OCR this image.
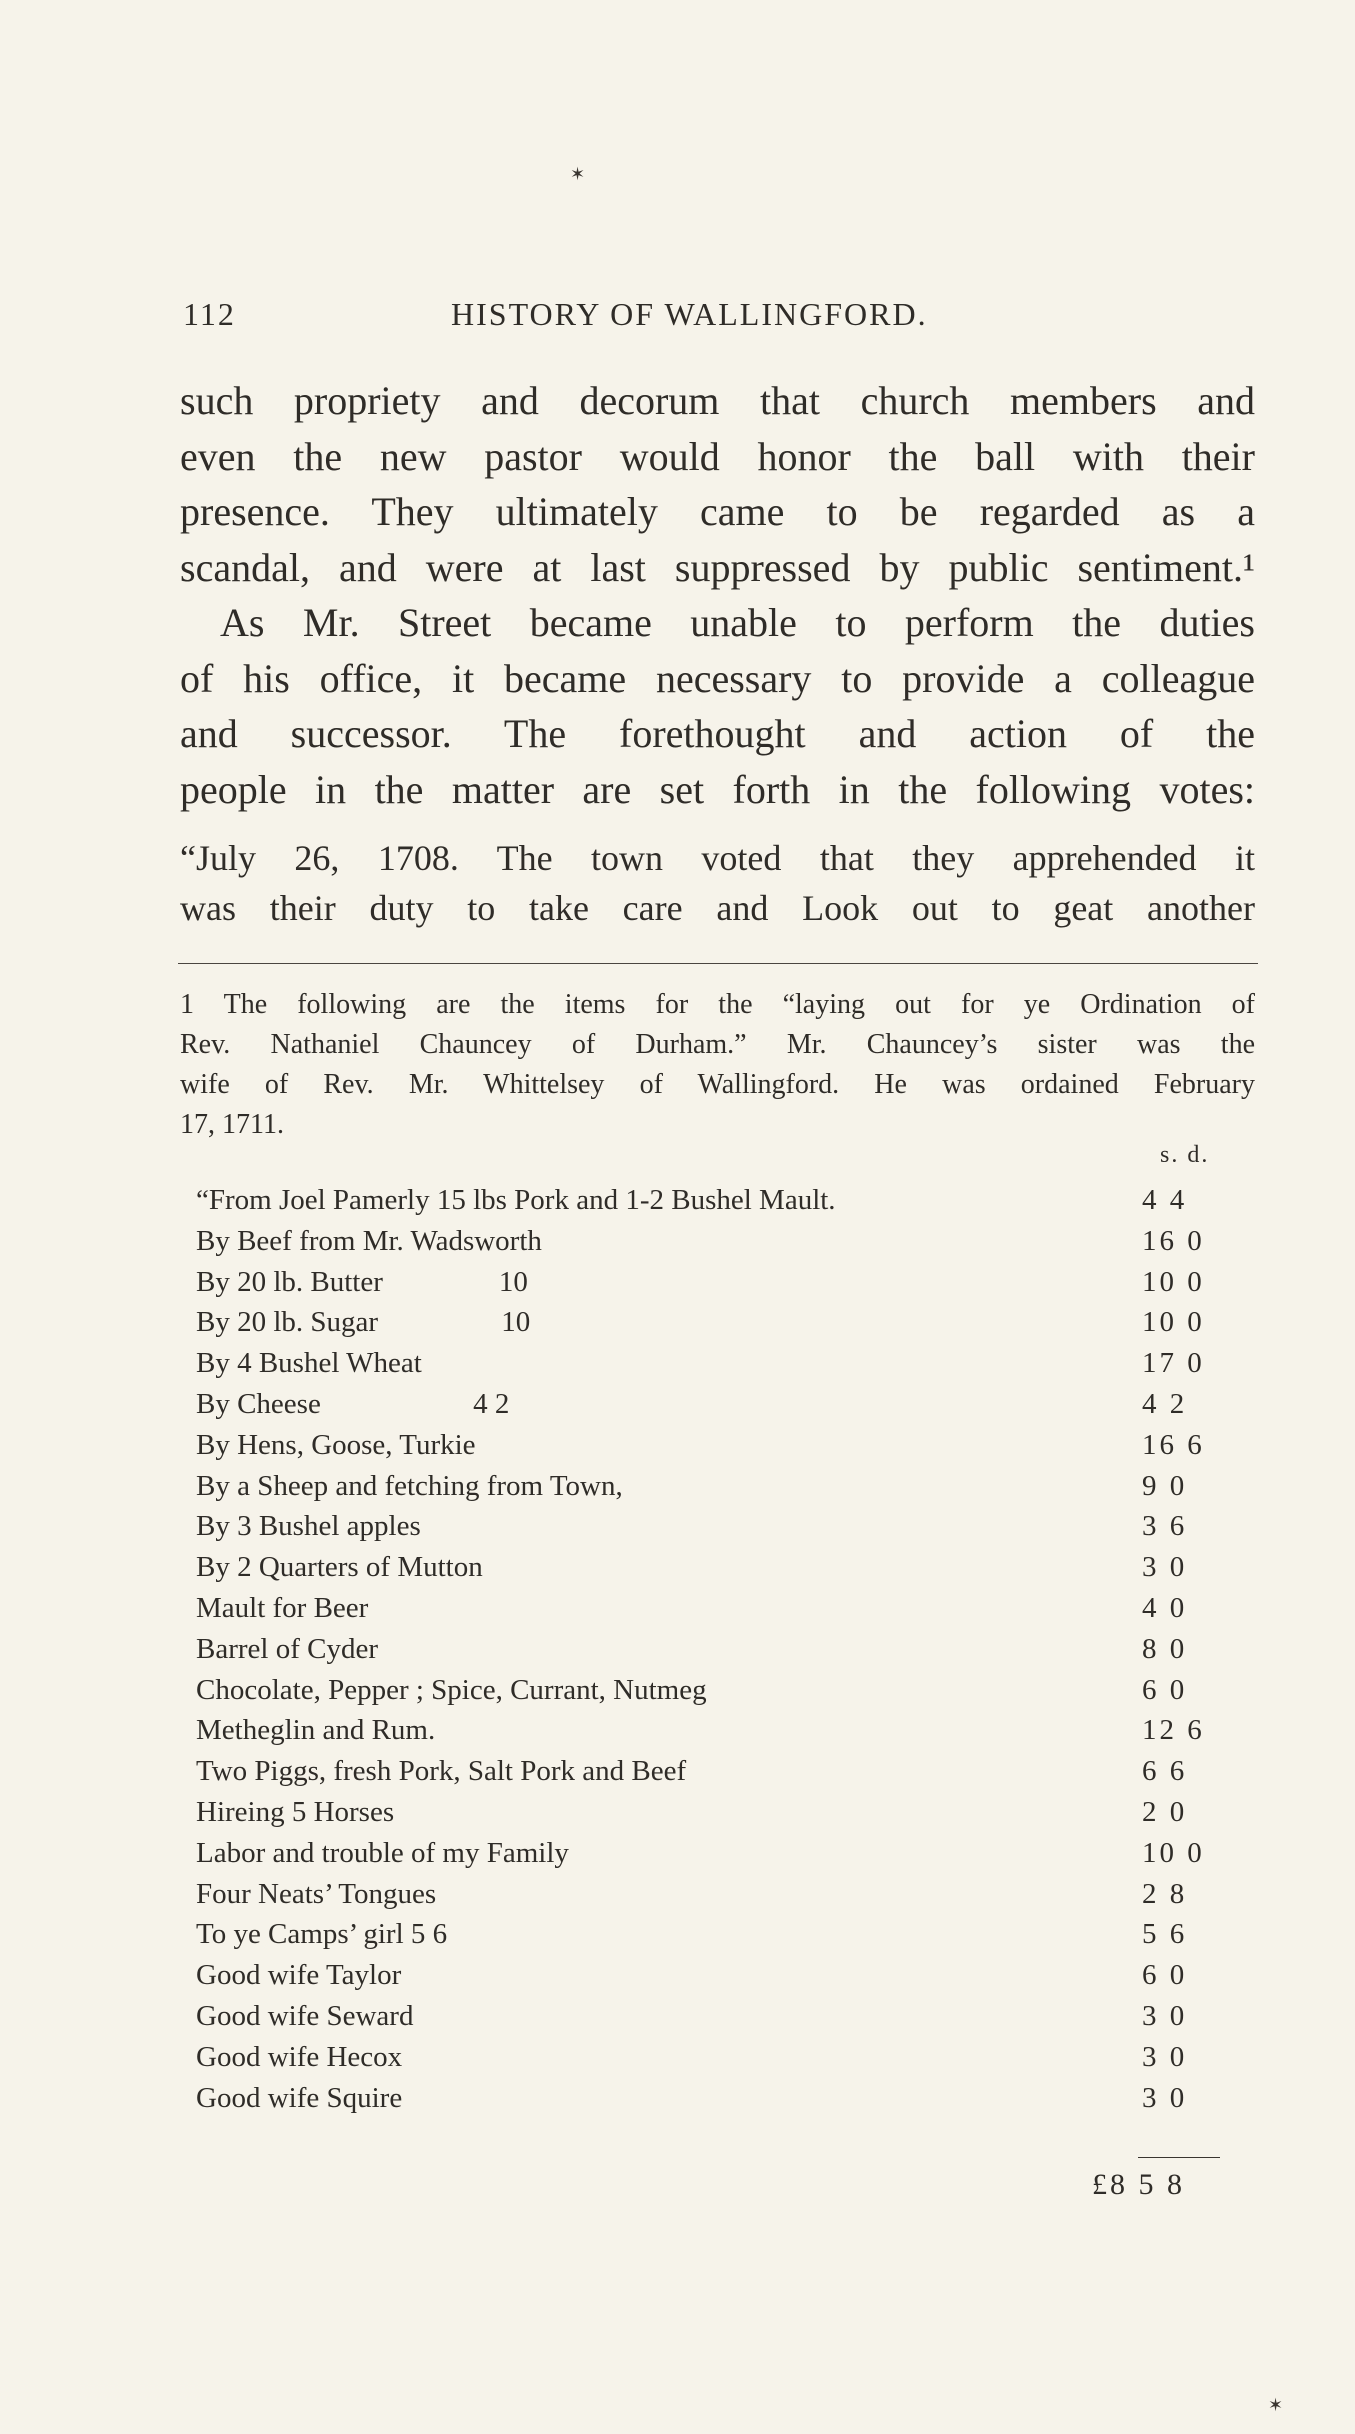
✶
112	HISTORY OF WALLINGFORD.
such propriety and decorum that church members and
even the new pastor would honor the ball with their
presence. They ultimately came to be regarded as a
scandal, and were at last suppressed by public sentiment.¹
 As Mr. Street became unable to perform the duties
of his office, it became necessary to provide a colleague
and successor. The forethought and action of the
people in the matter are set forth in the following votes:
“July 26, 1708. The town voted that they apprehended it
was their duty to take care and Look out to geat another
1 The following are the items for the “laying out for ye Ordination of
Rev. Nathaniel Chauncey of Durham.” Mr. Chauncey’s sister was the
wife of Rev. Mr. Whittelsey of Wallingford. He was ordained February
17, 1711.
s. d.
“From Joel Pamerly 15 lbs Pork and 1-2 Bushel Mault.	4 4
By Beef from Mr. Wadsworth	16 0
By 20 lb. Butter    10	10 0
By 20 lb. Sugar     10	10 0
By 4 Bushel Wheat	17 0
By Cheese      4 2	4 2
By Hens, Goose, Turkie	16 6
By a Sheep and fetching from Town,	9 0
By 3 Bushel apples	3 6
By 2 Quarters of Mutton	3 0
Mault for Beer	4 0
Barrel of Cyder	8 0
Chocolate, Pepper ; Spice, Currant, Nutmeg	6 0
Metheglin and Rum.	12 6
Two Piggs, fresh Pork, Salt Pork and Beef	6 6
Hireing 5 Horses	2 0
Labor and trouble of my Family	10 0
Four Neats’ Tongues	2 8
To ye Camps’ girl 5 6	5 6
Good wife Taylor	6 0
Good wife Seward	3 0
Good wife Hecox	3 0
Good wife Squire	3 0
£8 5 8
✶
